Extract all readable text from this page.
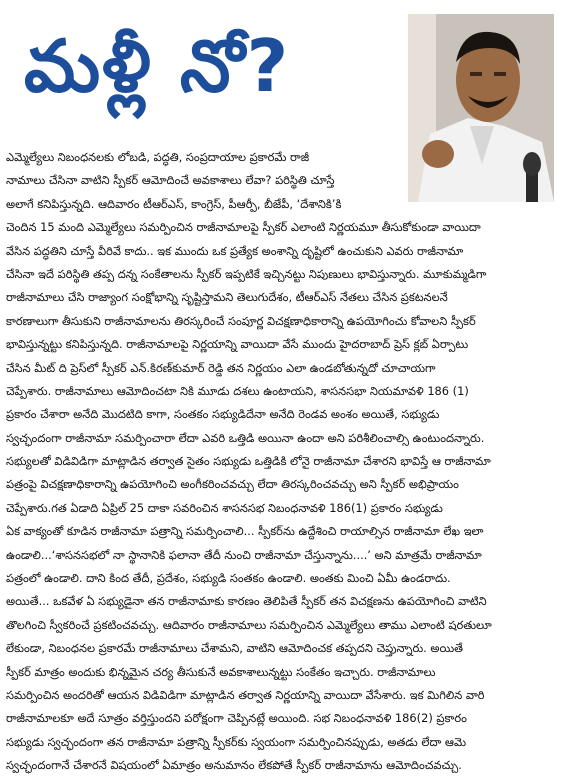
మళ్లీ నో?
ఎమ్మెల్యేలు నిబంధనలకు లోబడి, పద్ధతి, సంప్రదాయాల ప్రకారమే రాజీ
నామాలు చేసినా వాటిని స్పీకర్ ఆమోదించే అవకాశాలు లేవా? పరిస్థితి చూస్తే
అలాగే కనిపిస్తున్నది. ఆదివారం టీఆర్ఎస్, కాంగ్రెస్, పీఆర్పీ, బీజేపీ, ‘దేశానికి’కి
చెందిన 15 మంది ఎమ్మెల్యేలు సమర్పించిన రాజీనామాలపై స్పీకర్ ఎలాంటి నిర్ణయమూ తీసుకోకుండా వాయిదా
వేసిన పద్ధతిని చూస్తే వీరివే కాదు.. ఇక ముందు ఒక ప్రత్యేక అంశాన్ని దృష్టిలో ఉంచుకుని ఎవరు రాజీనామా
చేసినా ఇదే పరిస్థితి తప్ప దన్న సంకేతాలను స్పీకర్ ఇప్పటికే ఇచ్చినట్టు నిపుణులు భావిస్తున్నారు. మూకుమ్మడిగా
రాజీనామాలు చేసి రాజ్యాంగ సంక్షోభాన్ని సృష్టిస్తామని తెలుగుదేశం, టీఆర్ఎస్ నేతలు చేసిన ప్రకటనలనే
కారణాలుగా తీసుకుని రాజీనామాలను తిరస్కరించే సంపూర్ణ విచక్షణాధికారాన్ని ఉపయోగించు కోవాలని స్పీకర్
భావిస్తున్నట్టు కనిపిస్తున్నది. రాజీనామాలపై నిర్ణయాన్ని వాయిదా వేసే ముందు హైదరాబాద్ ప్రెస్ క్లబ్ ఏర్పాటు
చేసిన మీట్ ది ప్రెస్‌లో స్పీకర్ ఎన్.కిరణ్‌కుమార్ రెడ్డి తన నిర్ణయం ఎలా ఉండబోతున్నదో చూచాయగా
చెప్పేశారు. రాజీనామాలు ఆమోదించటా నికి మూడు దశలు ఉంటాయని, శాసనసభా నియమావళి 186 (1)
ప్రకారం చేశారా అనేది మొదటిది కాగా, సంతకం సభ్యుడిదేనా అనేది రెండవ అంశం అయితే, సభ్యుడు
స్వచ్ఛందంగా రాజీనామా సమర్పించారా లేదా ఎవరి ఒత్తిడి అయినా ఉందా అని పరిశీలించాల్సి ఉంటుందన్నారు.
సభ్యులతో విడివిడిగా మాట్లాడిన తర్వాత సైతం సభ్యుడు ఒత్తిడికి లోనై రాజీనామా చేశారని భావిస్తే ఆ రాజీనామా
పత్రంపై విచక్షణాధికారాన్ని ఉపయోగించి అంగీకరించవచ్చు లేదా తిరస్కరించవచ్చు అని స్పీకర్ అభిప్రాయం
చెప్పేశారు.గత ఏడాది ఏప్రిల్ 25 దాకా సవరించిన శాసనసభ నిబంధనావళి 186(1) ప్రకారం సభ్యుడు
ఏక వాక్యంతో కూడిన రాజీనామా పత్రాన్ని సమర్పించాలి... స్పీకర్‌ను ఉద్దేశించి రాయాల్సిన రాజీనామా లేఖ ఇలా
ఉండాలి...‘శాసనసభలో నా స్థానానికి ఫలానా తేదీ నుంచి రాజీనామా చేస్తున్నాను....’ అని మాత్రమే రాజీనామా
పత్రంలో ఉండాలి. దాని కింద తేదీ, ప్రదేశం, సభ్యుడి సంతకం ఉండాలి. అంతకు మించి ఏమీ ఉండరాదు.
అయితే... ఒకవేళ ఏ సభ్యుడైనా తన రాజీనామాకు కారణం తెలిపితే స్పీకర్ తన విచక్షణను ఉపయోగించి వాటిని
తొలగించి స్వీకరించే ప్రకటించవచ్చు. ఆదివారం రాజీనామాలు సమర్పించిన ఎమ్మెల్యేలు తాము ఎలాంటి షరతులూ
లేకుండా, నిబంధనల ప్రకారమే రాజీనామాలు చేశామని, వాటిని ఆమోదించక తప్పదని చెప్తున్నారు. అయితే
స్పీకర్ మాత్రం అందుకు భిన్నమైన చర్య తీసుకునే అవకాశాలున్నట్టు సంకేతం ఇచ్చారు. రాజీనామాలు
సమర్పించిన అందరితో ఆయన విడివిడిగా మాట్లాడిన తర్వాత నిర్ణయాన్ని వాయిదా వేసేశారు. ఇక మిగిలిన వారి
రాజీనామాలకూ అదే సూత్రం వర్తిస్తుందని పరోక్షంగా చెప్పినట్లే అయింది. సభ నిబంధనావళి 186(2) ప్రకారం
సభ్యుడు స్వచ్ఛందంగా తన రాజీనామా పత్రాన్ని స్పీకర్‌కు స్వయంగా సమర్పించినప్పుడు, అతడు లేదా ఆమె
స్వచ్ఛందంగానే చేశారనే విషయంలో ఏమాత్రం అనుమానం లేకపోతే స్పీకర్ రాజీనామాను ఆమోదించవచ్చు.
